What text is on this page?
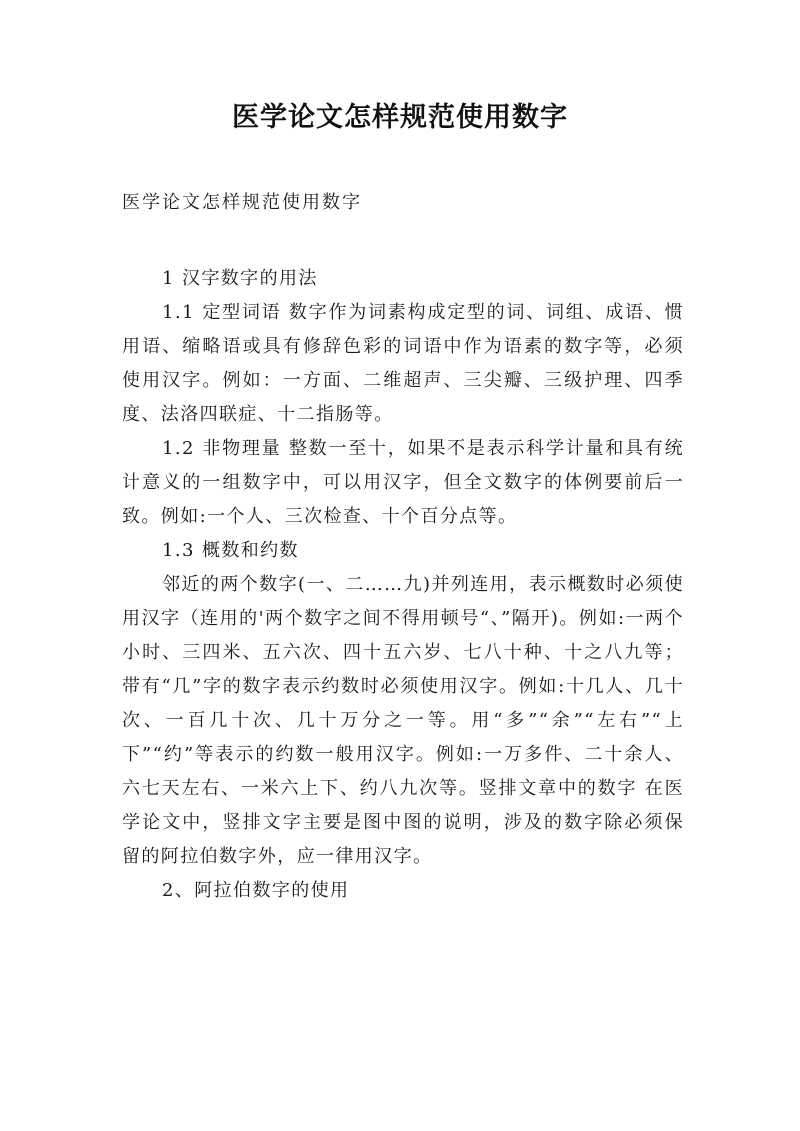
医学论文怎样规范使用数字

医学论文怎样规范使用数字

1 汉字数字的用法

1.1 定型词语 数字作为词素构成定型的词、词组、成语、惯用语、缩略语或具有修辞色彩的词语中作为语素的数字等，必须使用汉字。例如：一方面、二维超声、三尖瓣、三级护理、四季度、法洛四联症、十二指肠等。

1.2 非物理量 整数一至十，如果不是表示科学计量和具有统计意义的一组数字中，可以用汉字，但全文数字的体例要前后一致。例如:一个人、三次检查、十个百分点等。

1.3 概数和约数

邻近的两个数字(一、二……九)并列连用，表示概数时必须使用汉字（连用的'两个数字之间不得用顿号“、”隔开)。例如:一两个小时、三四米、五六次、四十五六岁、七八十种、十之八九等；带有“几”字的数字表示约数时必须使用汉字。例如:十几人、几十次、一百几十次、几十万分之一等。用“多”“余”“左右”“上下”“约”等表示的约数一般用汉字。例如:一万多件、二十余人、六七天左右、一米六上下、约八九次等。竖排文章中的数字 在医学论文中，竖排文字主要是图中图的说明，涉及的数字除必须保留的阿拉伯数字外，应一律用汉字。

2、阿拉伯数字的使用
